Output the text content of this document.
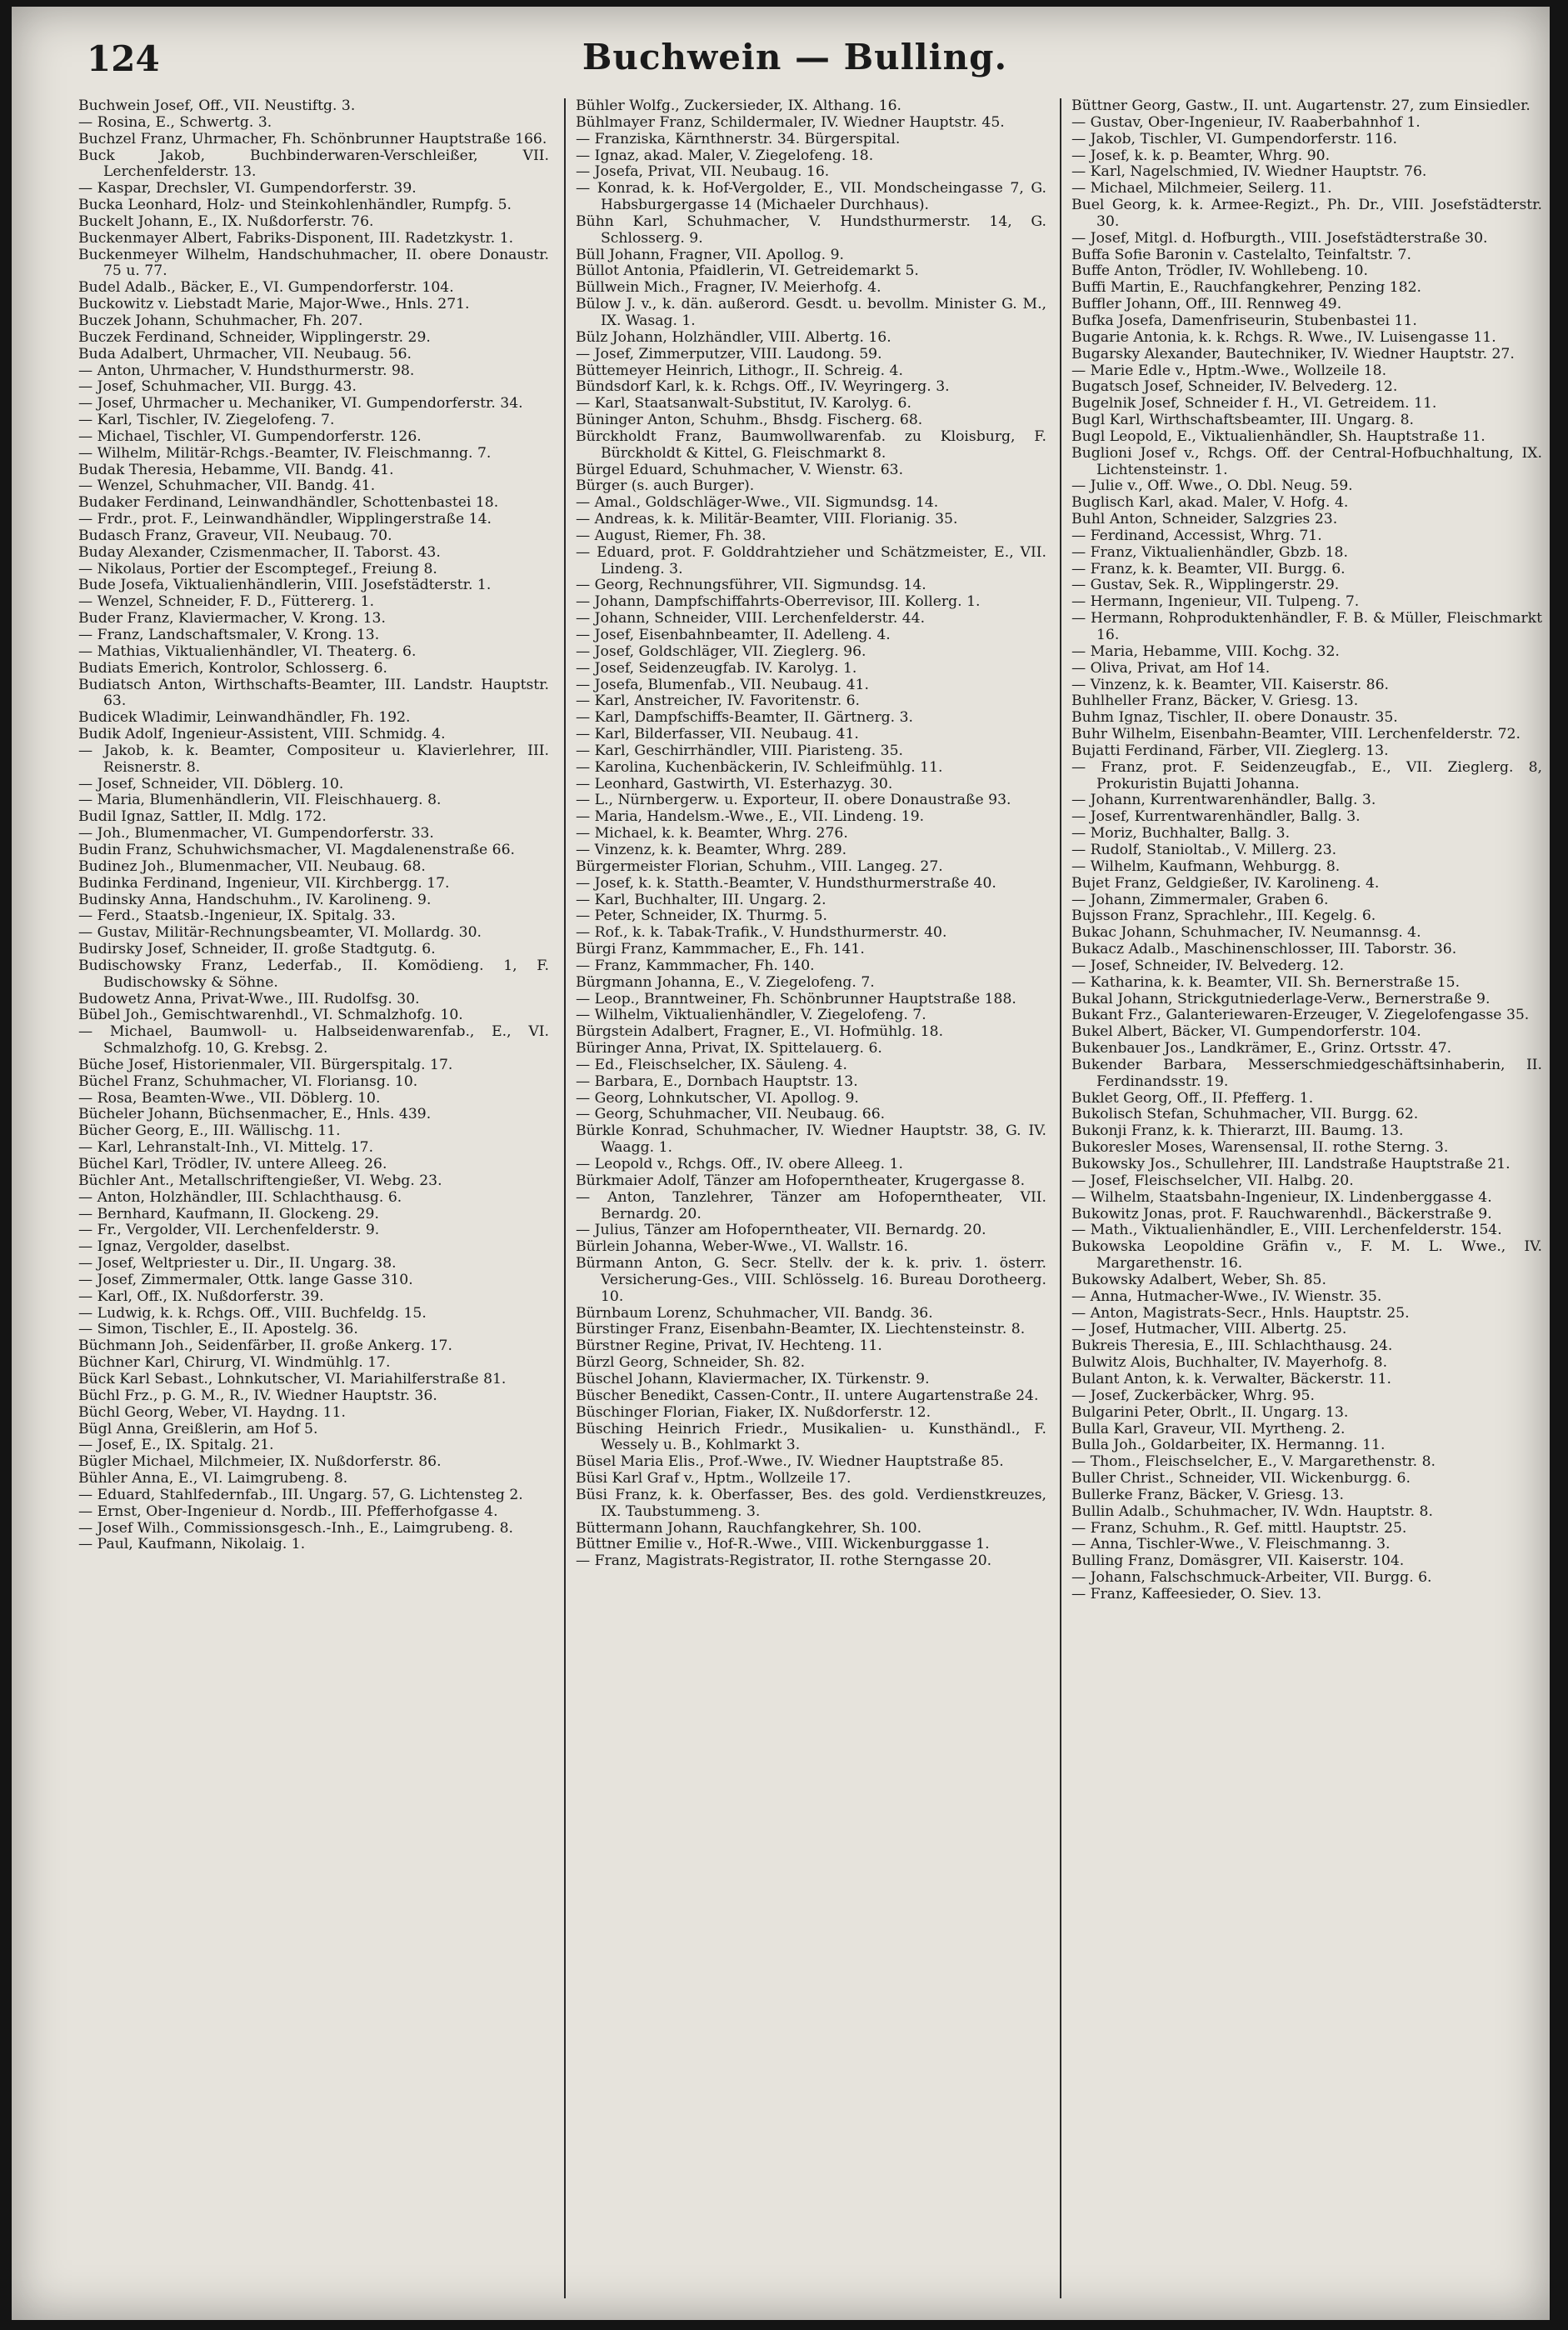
124	Buchwein — Bulling.

Buchwein Josef, Off., VII. Neustiftg. 3.

— Rosina, E., Schwertg. 3.

Buchzel Franz, Uhrmacher, Fh. Schönbrunner Hauptstraße 166.

Buck Jakob, Buchbinderwaren-Verschleißer, VII. Lerchenfelderstr. 13.

— Kaspar, Drechsler, VI. Gumpendorferstr. 39.

Bucka Leonhard, Holz- und Steinkohlenhändler, Rumpfg. 5.

Buckelt Johann, E., IX. Nußdorferstr. 76.

Buckenmayer Albert, Fabriks-Disponent, III. Radetzkystr. 1.

Buckenmeyer Wilhelm, Handschuhmacher, II. obere Donaustr. 75 u. 77.

Budel Adalb., Bäcker, E., VI. Gumpendorferstr. 104.

Buckowitz v. Liebstadt Marie, Major-Wwe., Hnls. 271.

Buczek Johann, Schuhmacher, Fh. 207.

Buczek Ferdinand, Schneider, Wipplingerstr. 29.

Buda Adalbert, Uhrmacher, VII. Neubaug. 56.

— Anton, Uhrmacher, V. Hundsthurmerstr. 98.

— Josef, Schuhmacher, VII. Burgg. 43.

— Josef, Uhrmacher u. Mechaniker, VI. Gumpendorferstr. 34.

— Karl, Tischler, IV. Ziegelofeng. 7.

— Michael, Tischler, VI. Gumpendorferstr. 126.

— Wilhelm, Militär-Rchgs.-Beamter, IV. Fleischmanng. 7.

Budak Theresia, Hebamme, VII. Bandg. 41.

— Wenzel, Schuhmacher, VII. Bandg. 41.

Budaker Ferdinand, Leinwandhändler, Schottenbastei 18.

— Frdr., prot. F., Leinwandhändler, Wipplingerstraße 14.

Budasch Franz, Graveur, VII. Neubaug. 70.

Buday Alexander, Czismenmacher, II. Taborst. 43.

— Nikolaus, Portier der Escomptegef., Freiung 8.

Bude Josefa, Viktualienhändlerin, VIII. Josefstädterstr. 1.

— Wenzel, Schneider, F. D., Füttererg. 1.

Buder Franz, Klaviermacher, V. Krong. 13.

— Franz, Landschaftsmaler, V. Krong. 13.

— Mathias, Viktualienhändler, VI. Theaterg. 6.

Budiats Emerich, Kontrolor, Schlosserg. 6.

Budiatsch Anton, Wirthschafts-Beamter, III. Landstr. Hauptstr. 63.

Budicek Wladimir, Leinwandhändler, Fh. 192.

Budik Adolf, Ingenieur-Assistent, VIII. Schmidg. 4.

— Jakob, k. k. Beamter, Compositeur u. Klavierlehrer, III. Reisnerstr. 8.

— Josef, Schneider, VII. Döblerg. 10.

— Maria, Blumenhändlerin, VII. Fleischhauerg. 8.

Budil Ignaz, Sattler, II. Mdlg. 172.

— Joh., Blumenmacher, VI. Gumpendorferstr. 33.

Budin Franz, Schuhwichsmacher, VI. Magdalenenstraße 66.

Budinez Joh., Blumenmacher, VII. Neubaug. 68.

Budinka Ferdinand, Ingenieur, VII. Kirchbergg. 17.

Budinsky Anna, Handschuhm., IV. Karolineng. 9.

— Ferd., Staatsb.-Ingenieur, IX. Spitalg. 33.

— Gustav, Militär-Rechnungsbeamter, VI. Mollardg. 30.

Budirsky Josef, Schneider, II. große Stadtgutg. 6.

Budischowsky Franz, Lederfab., II. Komödieng. 1, F. Budischowsky & Söhne.

Budowetz Anna, Privat-Wwe., III. Rudolfsg. 30.

Bübel Joh., Gemischtwarenhdl., VI. Schmalzhofg. 10.

— Michael, Baumwoll- u. Halbseidenwarenfab., E., VI. Schmalzhofg. 10, G. Krebsg. 2.

Büche Josef, Historienmaler, VII. Bürgerspitalg. 17.

Büchel Franz, Schuhmacher, VI. Floriansg. 10.

— Rosa, Beamten-Wwe., VII. Döblerg. 10.

Bücheler Johann, Büchsenmacher, E., Hnls. 439.

Bücher Georg, E., III. Wällischg. 11.

— Karl, Lehranstalt-Inh., VI. Mittelg. 17.

Büchel Karl, Trödler, IV. untere Alleeg. 26.

Büchler Ant., Metallschriftengießer, VI. Webg. 23.

— Anton, Holzhändler, III. Schlachthausg. 6.

— Bernhard, Kaufmann, II. Glockeng. 29.

— Fr., Vergolder, VII. Lerchenfelderstr. 9.

— Ignaz, Vergolder, daselbst.

— Josef, Weltpriester u. Dir., II. Ungarg. 38.

— Josef, Zimmermaler, Ottk. lange Gasse 310.

— Karl, Off., IX. Nußdorferstr. 39.

— Ludwig, k. k. Rchgs. Off., VIII. Buchfeldg. 15.

— Simon, Tischler, E., II. Apostelg. 36.

Büchmann Joh., Seidenfärber, II. große Ankerg. 17.

Büchner Karl, Chirurg, VI. Windmühlg. 17.

Bück Karl Sebast., Lohnkutscher, VI. Mariahilferstraße 81.

Büchl Frz., p. G. M., R., IV. Wiedner Hauptstr. 36.

Büchl Georg, Weber, VI. Haydng. 11.

Bügl Anna, Greißlerin, am Hof 5.

— Josef, E., IX. Spitalg. 21.

Bügler Michael, Milchmeier, IX. Nußdorferstr. 86.

Bühler Anna, E., VI. Laimgrubeng. 8.

— Eduard, Stahlfedernfab., III. Ungarg. 57, G. Lichtensteg 2.

— Ernst, Ober-Ingenieur d. Nordb., III. Pfefferhofgasse 4.

— Josef Wilh., Commissionsgesch.-Inh., E., Laimgrubeng. 8.

— Paul, Kaufmann, Nikolaig. 1.

Bühler Wolfg., Zuckersieder, IX. Althang. 16.

Bühlmayer Franz, Schildermaler, IV. Wiedner Hauptstr. 45.

— Franziska, Kärnthnerstr. 34. Bürgerspital.

— Ignaz, akad. Maler, V. Ziegelofeng. 18.

— Josefa, Privat, VII. Neubaug. 16.

— Konrad, k. k. Hof-Vergolder, E., VII. Mondscheingasse 7, G. Habsburgergasse 14 (Michaeler Durchhaus).

Bühn Karl, Schuhmacher, V. Hundsthurmerstr. 14, G. Schlosserg. 9.

Büll Johann, Fragner, VII. Apollog. 9.

Büllot Antonia, Pfaidlerin, VI. Getreidemarkt 5.

Büllwein Mich., Fragner, IV. Meierhofg. 4.

Bülow J. v., k. dän. außerord. Gesdt. u. bevollm. Minister G. M., IX. Wasag. 1.

Bülz Johann, Holzhändler, VIII. Albertg. 16.

— Josef, Zimmerputzer, VIII. Laudong. 59.

Büttemeyer Heinrich, Lithogr., II. Schreig. 4.

Bündsdorf Karl, k. k. Rchgs. Off., IV. Weyringerg. 3.

— Karl, Staatsanwalt-Substitut, IV. Karolyg. 6.

Büninger Anton, Schuhm., Bhsdg. Fischerg. 68.

Bürckholdt Franz, Baumwollwarenfab. zu Kloisburg, F. Bürckholdt & Kittel, G. Fleischmarkt 8.

Bürgel Eduard, Schuhmacher, V. Wienstr. 63.

Bürger (s. auch Burger).

— Amal., Goldschläger-Wwe., VII. Sigmundsg. 14.

— Andreas, k. k. Militär-Beamter, VIII. Florianig. 35.

— August, Riemer, Fh. 38.

— Eduard, prot. F. Golddrahtzieher und Schätzmeister, E., VII. Lindeng. 3.

— Georg, Rechnungsführer, VII. Sigmundsg. 14.

— Johann, Dampfschiffahrts-Oberrevisor, III. Kollerg. 1.

— Johann, Schneider, VIII. Lerchenfelderstr. 44.

— Josef, Eisenbahnbeamter, II. Adelleng. 4.

— Josef, Goldschläger, VII. Zieglerg. 96.

— Josef, Seidenzeugfab. IV. Karolyg. 1.

— Josefa, Blumenfab., VII. Neubaug. 41.

— Karl, Anstreicher, IV. Favoritenstr. 6.

— Karl, Dampfschiffs-Beamter, II. Gärtnerg. 3.

— Karl, Bilderfasser, VII. Neubaug. 41.

— Karl, Geschirrhändler, VIII. Piaristeng. 35.

— Karolina, Kuchenbäckerin, IV. Schleifmühlg. 11.

— Leonhard, Gastwirth, VI. Esterhazyg. 30.

— L., Nürnbergerw. u. Exporteur, II. obere Donaustraße 93.

— Maria, Handelsm.-Wwe., E., VII. Lindeng. 19.

— Michael, k. k. Beamter, Whrg. 276.

— Vinzenz, k. k. Beamter, Whrg. 289.

Bürgermeister Florian, Schuhm., VIII. Langeg. 27.

— Josef, k. k. Statth.-Beamter, V. Hundsthurmerstraße 40.

— Karl, Buchhalter, III. Ungarg. 2.

— Peter, Schneider, IX. Thurmg. 5.

— Rof., k. k. Tabak-Trafik., V. Hundsthurmerstr. 40.

Bürgi Franz, Kammmacher, E., Fh. 141.

— Franz, Kammmacher, Fh. 140.

Bürgmann Johanna, E., V. Ziegelofeng. 7.

— Leop., Branntweiner, Fh. Schönbrunner Hauptstraße 188.

— Wilhelm, Viktualienhändler, V. Ziegelofeng. 7.

Bürgstein Adalbert, Fragner, E., VI. Hofmühlg. 18.

Büringer Anna, Privat, IX. Spittelauerg. 6.

— Ed., Fleischselcher, IX. Säuleng. 4.

— Barbara, E., Dornbach Hauptstr. 13.

— Georg, Lohnkutscher, VI. Apollog. 9.

— Georg, Schuhmacher, VII. Neubaug. 66.

Bürkle Konrad, Schuhmacher, IV. Wiedner Hauptstr. 38, G. IV. Waagg. 1.

— Leopold v., Rchgs. Off., IV. obere Alleeg. 1.

Bürkmaier Adolf, Tänzer am Hofoperntheater, Krugergasse 8.

— Anton, Tanzlehrer, Tänzer am Hofoperntheater, VII. Bernardg. 20.

— Julius, Tänzer am Hofoperntheater, VII. Bernardg. 20.

Bürlein Johanna, Weber-Wwe., VI. Wallstr. 16.

Bürmann Anton, G. Secr. Stellv. der k. k. priv. 1. österr. Versicherung-Ges., VIII. Schlösselg. 16. Bureau Dorotheerg. 10.

Bürnbaum Lorenz, Schuhmacher, VII. Bandg. 36.

Bürstinger Franz, Eisenbahn-Beamter, IX. Liechtensteinstr. 8.

Bürstner Regine, Privat, IV. Hechteng. 11.

Bürzl Georg, Schneider, Sh. 82.

Büschel Johann, Klaviermacher, IX. Türkenstr. 9.

Büscher Benedikt, Cassen-Contr., II. untere Augartenstraße 24.

Büschinger Florian, Fiaker, IX. Nußdorferstr. 12.

Büsching Heinrich Friedr., Musikalien- u. Kunsthändl., F. Wessely u. B., Kohlmarkt 3.

Büsel Maria Elis., Prof.-Wwe., IV. Wiedner Hauptstraße 85.

Büsi Karl Graf v., Hptm., Wollzeile 17.

Büsi Franz, k. k. Oberfasser, Bes. des gold. Verdienstkreuzes, IX. Taubstummeng. 3.

Büttermann Johann, Rauchfangkehrer, Sh. 100.

Büttner Emilie v., Hof-R.-Wwe., VIII. Wickenburggasse 1.

— Franz, Magistrats-Registrator, II. rothe Sterngasse 20.

Büttner Georg, Gastw., II. unt. Augartenstr. 27, zum Einsiedler.

— Gustav, Ober-Ingenieur, IV. Raaberbahnhof 1.

— Jakob, Tischler, VI. Gumpendorferstr. 116.

— Josef, k. k. p. Beamter, Whrg. 90.

— Karl, Nagelschmied, IV. Wiedner Hauptstr. 76.

— Michael, Milchmeier, Seilerg. 11.

Buel Georg, k. k. Armee-Regizt., Ph. Dr., VIII. Josefstädterstr. 30.

— Josef, Mitgl. d. Hofburgth., VIII. Josefstädterstraße 30.

Buffa Sofie Baronin v. Castelalto, Teinfaltstr. 7.

Buffe Anton, Trödler, IV. Wohllebeng. 10.

Buffi Martin, E., Rauchfangkehrer, Penzing 182.

Buffler Johann, Off., III. Rennweg 49.

Bufka Josefa, Damenfriseurin, Stubenbastei 11.

Bugarie Antonia, k. k. Rchgs. R. Wwe., IV. Luisengasse 11.

Bugarsky Alexander, Bautechniker, IV. Wiedner Hauptstr. 27.

— Marie Edle v., Hptm.-Wwe., Wollzeile 18.

Bugatsch Josef, Schneider, IV. Belvederg. 12.

Bugelnik Josef, Schneider f. H., VI. Getreidem. 11.

Bugl Karl, Wirthschaftsbeamter, III. Ungarg. 8.

Bugl Leopold, E., Viktualienhändler, Sh. Hauptstraße 11.

Buglioni Josef v., Rchgs. Off. der Central-Hofbuchhaltung, IX. Lichtensteinstr. 1.

— Julie v., Off. Wwe., O. Dbl. Neug. 59.

Buglisch Karl, akad. Maler, V. Hofg. 4.

Buhl Anton, Schneider, Salzgries 23.

— Ferdinand, Accessist, Whrg. 71.

— Franz, Viktualienhändler, Gbzb. 18.

— Franz, k. k. Beamter, VII. Burgg. 6.

— Gustav, Sek. R., Wipplingerstr. 29.

— Hermann, Ingenieur, VII. Tulpeng. 7.

— Hermann, Rohproduktenhändler, F. B. & Müller, Fleischmarkt 16.

— Maria, Hebamme, VIII. Kochg. 32.

— Oliva, Privat, am Hof 14.

— Vinzenz, k. k. Beamter, VII. Kaiserstr. 86.

Buhlheller Franz, Bäcker, V. Griesg. 13.

Buhm Ignaz, Tischler, II. obere Donaustr. 35.

Buhr Wilhelm, Eisenbahn-Beamter, VIII. Lerchenfelderstr. 72.

Bujatti Ferdinand, Färber, VII. Zieglerg. 13.

— Franz, prot. F. Seidenzeugfab., E., VII. Zieglerg. 8, Prokuristin Bujatti Johanna.

— Johann, Kurrentwarenhändler, Ballg. 3.

— Josef, Kurrentwarenhändler, Ballg. 3.

— Moriz, Buchhalter, Ballg. 3.

— Rudolf, Stanioltab., V. Millerg. 23.

— Wilhelm, Kaufmann, Wehburgg. 8.

Bujet Franz, Geldgießer, IV. Karolineng. 4.

— Johann, Zimmermaler, Graben 6.

Bujsson Franz, Sprachlehr., III. Kegelg. 6.

Bukac Johann, Schuhmacher, IV. Neumannsg. 4.

Bukacz Adalb., Maschinenschlosser, III. Taborstr. 36.

— Josef, Schneider, IV. Belvederg. 12.

— Katharina, k. k. Beamter, VII. Sh. Bernerstraße 15.

Bukal Johann, Strickgutniederlage-Verw., Bernerstraße 9.

Bukant Frz., Galanteriewaren-Erzeuger, V. Ziegelofengasse 35.

Bukel Albert, Bäcker, VI. Gumpendorferstr. 104.

Bukenbauer Jos., Landkrämer, E., Grinz. Ortsstr. 47.

Bukender Barbara, Messerschmiedgeschäftsinhaberin, II. Ferdinandsstr. 19.

Buklet Georg, Off., II. Pfefferg. 1.

Bukolisch Stefan, Schuhmacher, VII. Burgg. 62.

Bukonji Franz, k. k. Thierarzt, III. Baumg. 13.

Bukoresler Moses, Warensensal, II. rothe Sterng. 3.

Bukowsky Jos., Schullehrer, III. Landstraße Hauptstraße 21.

— Josef, Fleischselcher, VII. Halbg. 20.

— Wilhelm, Staatsbahn-Ingenieur, IX. Lindenberggasse 4.

Bukowitz Jonas, prot. F. Rauchwarenhdl., Bäckerstraße 9.

— Math., Viktualienhändler, E., VIII. Lerchenfelderstr. 154.

Bukowska Leopoldine Gräfin v., F. M. L. Wwe., IV. Margarethenstr. 16.

Bukowsky Adalbert, Weber, Sh. 85.

— Anna, Hutmacher-Wwe., IV. Wienstr. 35.

— Anton, Magistrats-Secr., Hnls. Hauptstr. 25.

— Josef, Hutmacher, VIII. Albertg. 25.

Bukreis Theresia, E., III. Schlachthausg. 24.

Bulwitz Alois, Buchhalter, IV. Mayerhofg. 8.

Bulant Anton, k. k. Verwalter, Bäckerstr. 11.

— Josef, Zuckerbäcker, Whrg. 95.

Bulgarini Peter, Obrlt., II. Ungarg. 13.

Bulla Karl, Graveur, VII. Myrtheng. 2.

Bulla Joh., Goldarbeiter, IX. Hermanng. 11.

— Thom., Fleischselcher, E., V. Margarethenstr. 8.

Buller Christ., Schneider, VII. Wickenburgg. 6.

Bullerke Franz, Bäcker, V. Griesg. 13.

Bullin Adalb., Schuhmacher, IV. Wdn. Hauptstr. 8.

— Franz, Schuhm., R. Gef. mittl. Hauptstr. 25.

— Anna, Tischler-Wwe., V. Fleischmanng. 3.

Bulling Franz, Domäsgrer, VII. Kaiserstr. 104.

— Johann, Falschschmuck-Arbeiter, VII. Burgg. 6.

— Franz, Kaffeesieder, O. Siev. 13.
